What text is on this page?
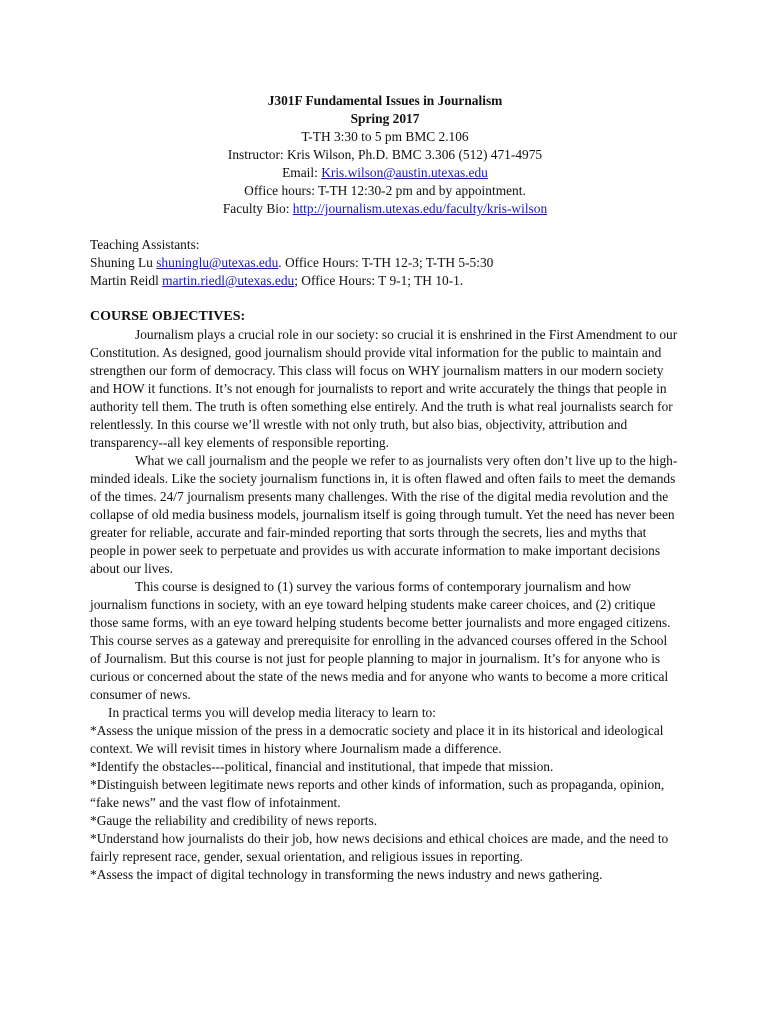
J301F Fundamental Issues in Journalism
Spring 2017
T-TH 3:30 to 5 pm BMC 2.106
Instructor: Kris Wilson, Ph.D. BMC 3.306 (512) 471-4975
Email: Kris.wilson@austin.utexas.edu
Office hours: T-TH 12:30-2 pm and by appointment.
Faculty Bio: http://journalism.utexas.edu/faculty/kris-wilson
Teaching Assistants:
Shuning Lu shuninglu@utexas.edu. Office Hours: T-TH 12-3; T-TH 5-5:30
Martin Reidl martin.riedl@utexas.edu; Office Hours: T 9-1; TH 10-1.
COURSE OBJECTIVES:

Journalism plays a crucial role in our society: so crucial it is enshrined in the First Amendment to our Constitution. As designed, good journalism should provide vital information for the public to maintain and strengthen our form of democracy. This class will focus on WHY journalism matters in our modern society and HOW it functions. It’s not enough for journalists to report and write accurately the things that people in authority tell them. The truth is often something else entirely. And the truth is what real journalists search for relentlessly. In this course we’ll wrestle with not only truth, but also bias, objectivity, attribution and transparency--all key elements of responsible reporting.

What we call journalism and the people we refer to as journalists very often don’t live up to the high-minded ideals. Like the society journalism functions in, it is often flawed and often fails to meet the demands of the times. 24/7 journalism presents many challenges. With the rise of the digital media revolution and the collapse of old media business models, journalism itself is going through tumult. Yet the need has never been greater for reliable, accurate and fair-minded reporting that sorts through the secrets, lies and myths that people in power seek to perpetuate and provides us with accurate information to make important decisions about our lives.

This course is designed to (1) survey the various forms of contemporary journalism and how journalism functions in society, with an eye toward helping students make career choices, and (2) critique those same forms, with an eye toward helping students become better journalists and more engaged citizens. This course serves as a gateway and prerequisite for enrolling in the advanced courses offered in the School of Journalism. But this course is not just for people planning to major in journalism. It’s for anyone who is curious or concerned about the state of the news media and for anyone who wants to become a more critical consumer of news.

In practical terms you will develop media literacy to learn to:

*Assess the unique mission of the press in a democratic society and place it in its historical and ideological context. We will revisit times in history where Journalism made a difference.
*Identify the obstacles---political, financial and institutional, that impede that mission.
*Distinguish between legitimate news reports and other kinds of information, such as propaganda, opinion, “fake news” and the vast flow of infotainment.
*Gauge the reliability and credibility of news reports.
*Understand how journalists do their job, how news decisions and ethical choices are made, and the need to fairly represent race, gender, sexual orientation, and religious issues in reporting.
*Assess the impact of digital technology in transforming the news industry and news gathering.
